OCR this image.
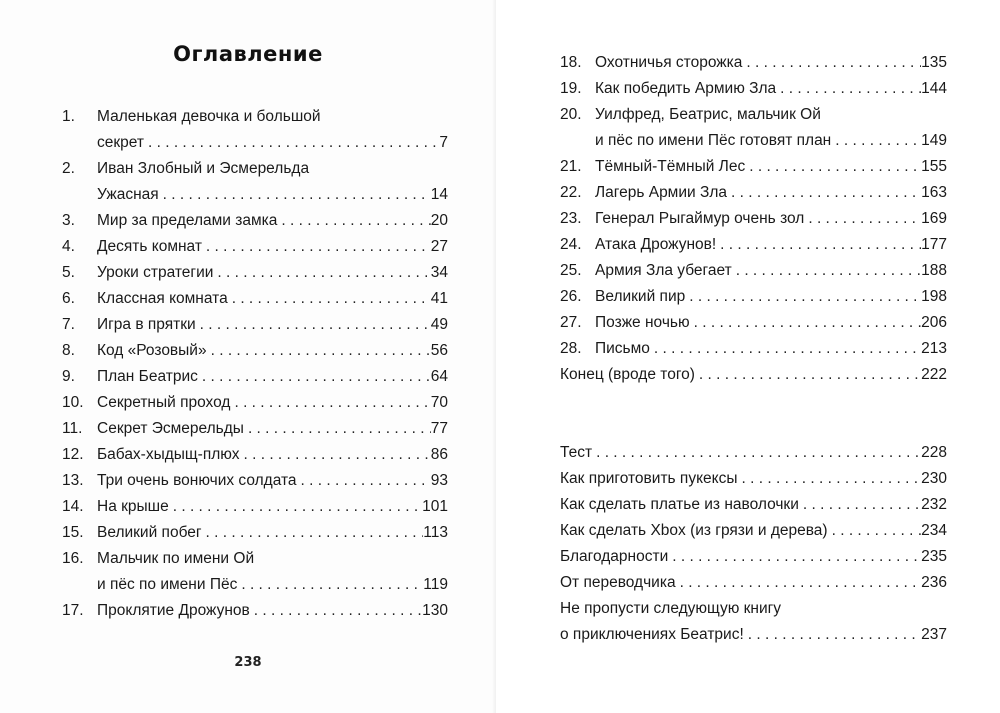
Оглавление
1.	Маленькая девочка и большой
секрет . . .	7
2.	Иван Злобный и Эсмерельда
Ужасная . . .	14
3.	Мир за пределами замка . . .	20
4.	Десять комнат . . .	27
5.	Уроки стратегии . . .	34
6.	Классная комната . . .	41
7.	Игра в прятки . . .	49
8.	Код «Розовый» . . .	56
9.	План Беатрис . . .	64
10. Секретный проход . . .	70
11. Секрет Эсмерельды . . .	77
12. Бабах-хыдыщ-плюх . . .	86
13. Три очень вонючих солдата . . .	93
14. На крыше . . .	101
15. Великий побег . . .	113
16. Мальчик по имени Ой
и пёс по имени Пёс . . .	119
17. Проклятие Дрожунов . . .	130
238
18. Охотничья сторожка . . .	135
19. Как победить Армию Зла . . .	144
20. Уилфред, Беатрис, мальчик Ой
и пёс по имени Пёс готовят план . . .	149
21. Тёмный-Тёмный Лес . . .	155
22. Лагерь Армии Зла . . .	163
23. Генерал Рыгаймур очень зол . . .	169
24. Атака Дрожунов! . . .	177
25. Армия Зла убегает . . .	188
26. Великий пир . . .	198
27. Позже ночью . . .	206
28. Письмо . . .	213
Конец (вроде того) . . .	222
Тест . . .	228
Как приготовить пукексы . . .	230
Как сделать платье из наволочки . . .	232
Как сделать Xbox (из грязи и дерева) . . .	234
Благодарности . . .	235
От переводчика . . .	236
Не пропусти следующую книгу
о приключениях Беатрис! . . .	237
